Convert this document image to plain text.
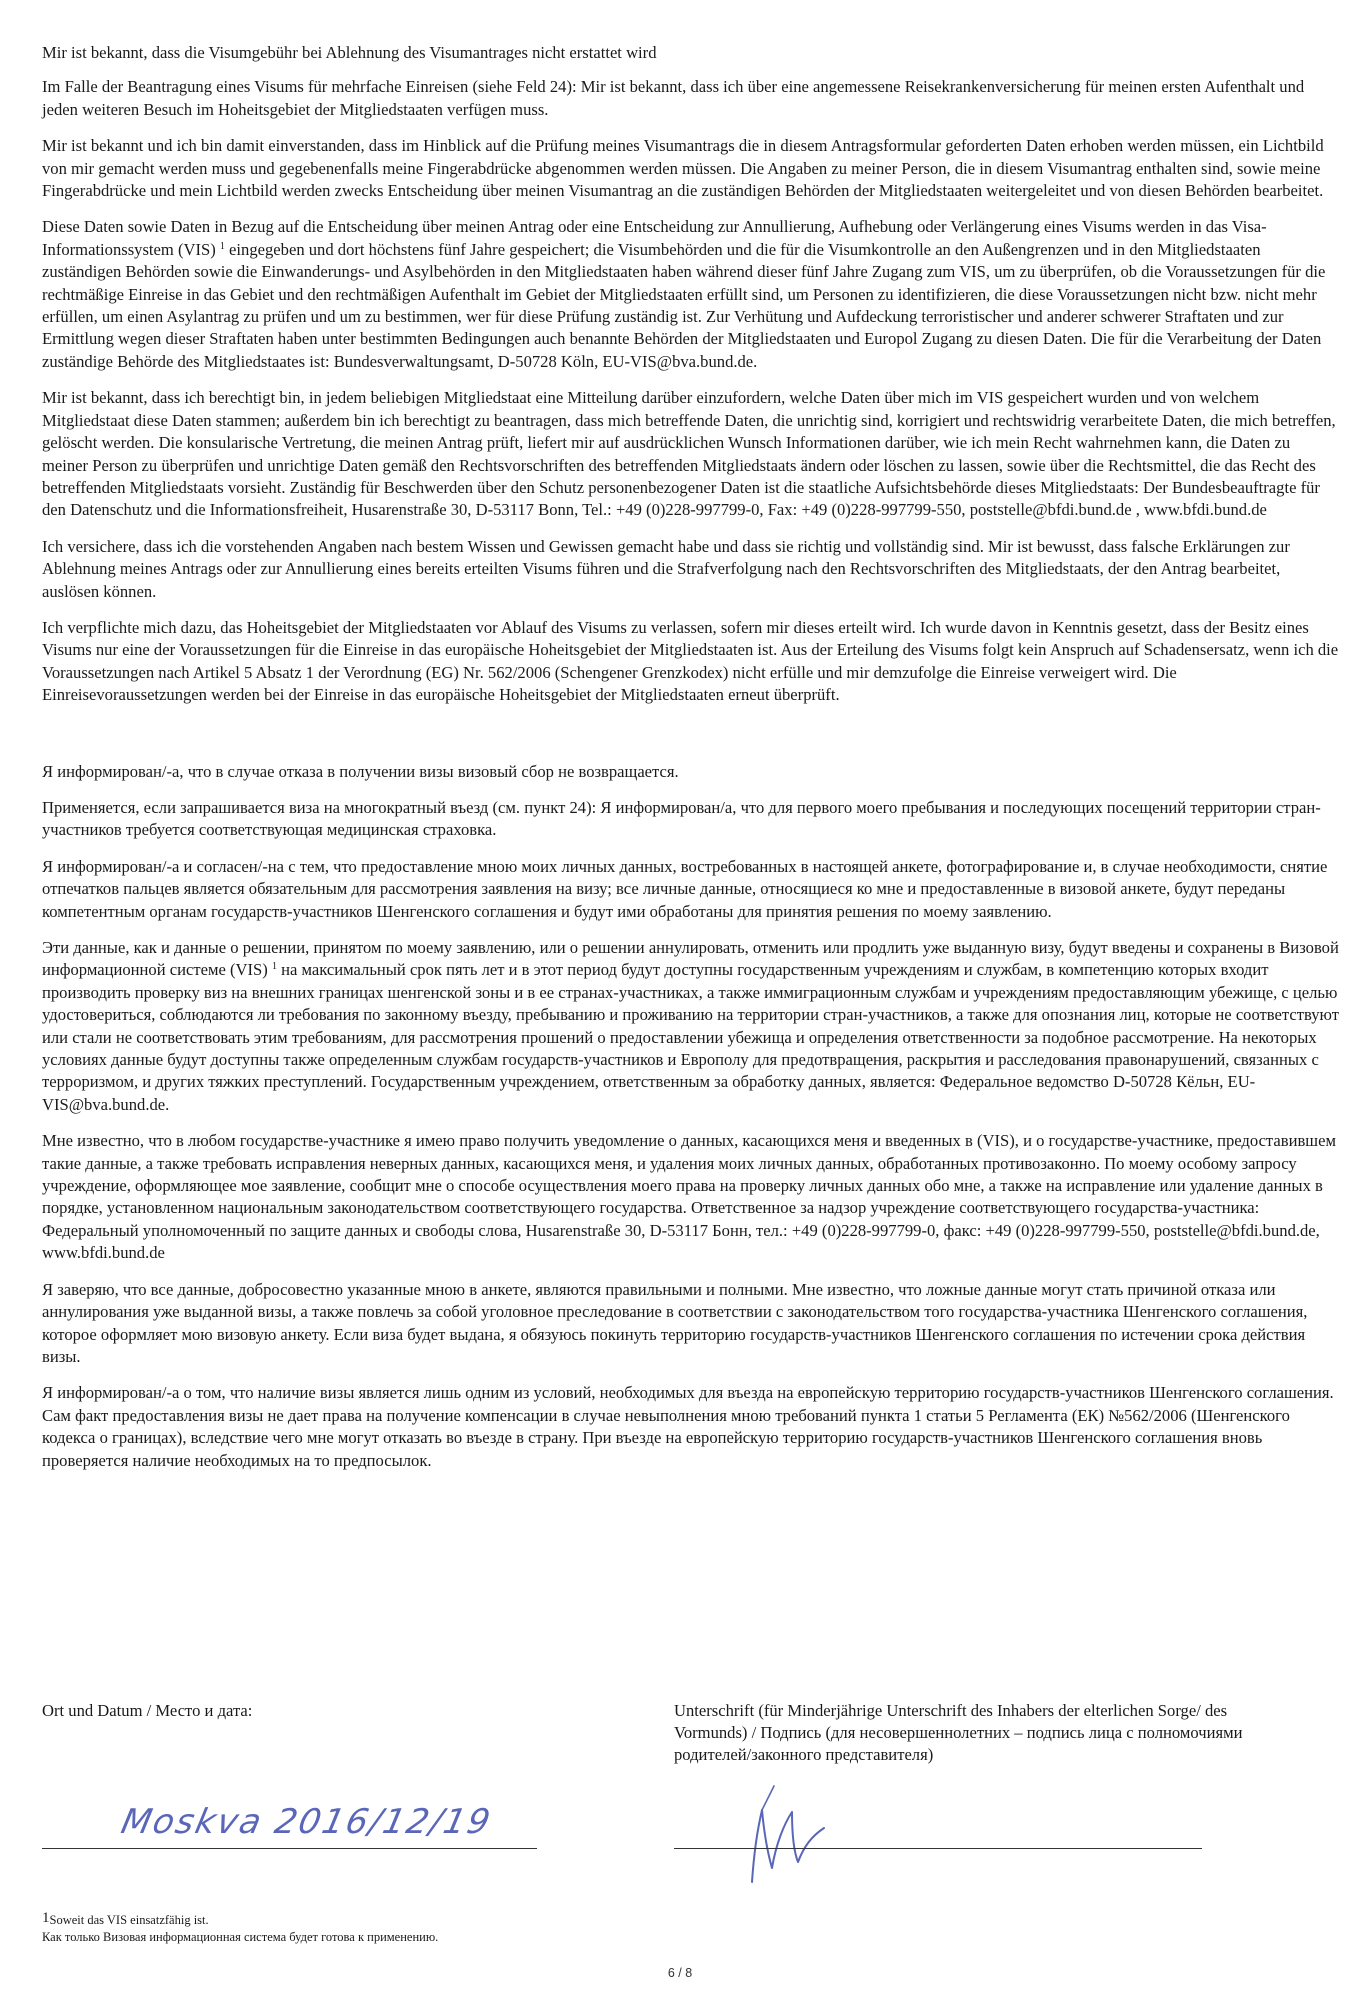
Mir ist bekannt, dass die Visumgebühr bei Ablehnung des Visumantrages nicht erstattet wird

Im Falle der Beantragung eines Visums für mehrfache Einreisen (siehe Feld 24): Mir ist bekannt, dass ich über eine angemessene Reisekrankenversicherung für meinen ersten Aufenthalt und jeden weiteren Besuch im Hoheitsgebiet der Mitgliedstaaten verfügen muss.

Mir ist bekannt und ich bin damit einverstanden, dass im Hinblick auf die Prüfung meines Visumantrags die in diesem Antragsformular geforderten Daten erhoben werden müssen, ein Lichtbild von mir gemacht werden muss und gegebenenfalls meine Fingerabdrücke abgenommen werden müssen. Die Angaben zu meiner Person, die in diesem Visumantrag enthalten sind, sowie meine Fingerabdrücke und mein Lichtbild werden zwecks Entscheidung über meinen Visumantrag an die zuständigen Behörden der Mitgliedstaaten weitergeleitet und von diesen Behörden bearbeitet.

Diese Daten sowie Daten in Bezug auf die Entscheidung über meinen Antrag oder eine Entscheidung zur Annullierung, Aufhebung oder Verlängerung eines Visums werden in das Visa-Informationssystem (VIS) $^1$ eingegeben und dort höchstens fünf Jahre gespeichert; die Visumbehörden und die für die Visumkontrolle an den Außengrenzen und in den Mitgliedstaaten zuständigen Behörden sowie die Einwanderungs- und Asylbehörden in den Mitgliedstaaten haben während dieser fünf Jahre Zugang zum VIS, um zu überprüfen, ob die Voraussetzungen für die rechtmäßige Einreise in das Gebiet und den rechtmäßigen Aufenthalt im Gebiet der Mitgliedstaaten erfüllt sind, um Personen zu identifizieren, die diese Voraussetzungen nicht bzw. nicht mehr erfüllen, um einen Asylantrag zu prüfen und um zu bestimmen, wer für diese Prüfung zuständig ist. Zur Verhütung und Aufdeckung terroristischer und anderer schwerer Straftaten und zur Ermittlung wegen dieser Straftaten haben unter bestimmten Bedingungen auch benannte Behörden der Mitgliedstaaten und Europol Zugang zu diesen Daten. Die für die Verarbeitung der Daten zuständige Behörde des Mitgliedstaates ist: Bundesverwaltungsamt, D-50728 Köln, EU-VIS@bva.bund.de.

Mir ist bekannt, dass ich berechtigt bin, in jedem beliebigen Mitgliedstaat eine Mitteilung darüber einzufordern, welche Daten über mich im VIS gespeichert wurden und von welchem Mitgliedstaat diese Daten stammen; außerdem bin ich berechtigt zu beantragen, dass mich betreffende Daten, die unrichtig sind, korrigiert und rechtswidrig verarbeitete Daten, die mich betreffen, gelöscht werden. Die konsularische Vertretung, die meinen Antrag prüft, liefert mir auf ausdrücklichen Wunsch Informationen darüber, wie ich mein Recht wahrnehmen kann, die Daten zu meiner Person zu überprüfen und unrichtige Daten gemäß den Rechtsvorschriften des betreffenden Mitgliedstaats ändern oder löschen zu lassen, sowie über die Rechtsmittel, die das Recht des betreffenden Mitgliedstaats vorsieht. Zuständig für Beschwerden über den Schutz personenbezogener Daten ist die staatliche Aufsichtsbehörde dieses Mitgliedstaats: Der Bundesbeauftragte für den Datenschutz und die Informationsfreiheit, Husarenstraße 30, D-53117 Bonn, Tel.: +49 (0)228-997799-0, Fax: +49 (0)228-997799-550, poststelle@bfdi.bund.de , www.bfdi.bund.de

Ich versichere, dass ich die vorstehenden Angaben nach bestem Wissen und Gewissen gemacht habe und dass sie richtig und vollständig sind. Mir ist bewusst, dass falsche Erklärungen zur Ablehnung meines Antrags oder zur Annullierung eines bereits erteilten Visums führen und die Strafverfolgung nach den Rechtsvorschriften des Mitgliedstaats, der den Antrag bearbeitet, auslösen können.

Ich verpflichte mich dazu, das Hoheitsgebiet der Mitgliedstaaten vor Ablauf des Visums zu verlassen, sofern mir dieses erteilt wird. Ich wurde davon in Kenntnis gesetzt, dass der Besitz eines Visums nur eine der Voraussetzungen für die Einreise in das europäische Hoheitsgebiet der Mitgliedstaaten ist. Aus der Erteilung des Visums folgt kein Anspruch auf Schadensersatz, wenn ich die Voraussetzungen nach Artikel 5 Absatz 1 der Verordnung (EG) Nr. 562/2006 (Schengener Grenzkodex) nicht erfülle und mir demzufolge die Einreise verweigert wird. Die Einreisevoraussetzungen werden bei der Einreise in das europäische Hoheitsgebiet der Mitgliedstaaten erneut überprüft.

Я информирован/-а, что в случае отказа в получении визы визовый сбор не возвращается.

Применяется, если запрашивается виза на многократный въезд (см. пункт 24): Я информирован/а, что для первого моего пребывания и последующих посещений территории стран-участников требуется соответствующая медицинская страховка.

Я информирован/-а и согласен/-на с тем, что предоставление мною моих личных данных, востребованных в настоящей анкете, фотографирование и, в случае необходимости, снятие отпечатков пальцев является обязательным для рассмотрения заявления на визу; все личные данные, относящиеся ко мне и предоставленные в визовой анкете, будут переданы компетентным органам государств-участников Шенгенского соглашения и будут ими обработаны для принятия решения по моему заявлению.

Эти данные, как и данные о решении, принятом по моему заявлению, или о решении аннулировать, отменить или продлить уже выданную визу, будут введены и сохранены в Визовой информационной системе (VIS) $^1$ на максимальный срок пять лет и в этот период будут доступны государственным учреждениям и службам, в компетенцию которых входит производить проверку виз на внешних границах шенгенской зоны и в ее странах-участниках, а также иммиграционным службам и учреждениям предоставляющим убежище, с целью удостовериться, соблюдаются ли требования по законному въезду, пребыванию и проживанию на территории стран-участников, а также для опознания лиц, которые не соответствуют или стали не соответствовать этим требованиям, для рассмотрения прошений о предоставлении убежища и определения ответственности за подобное рассмотрение. На некоторых условиях данные будут доступны также определенным службам государств-участников и Европолу для предотвращения, раскрытия и расследования правонарушений, связанных с терроризмом, и других тяжких преступлений. Государственным учреждением, ответственным за обработку данных, является: Федеральное ведомство D-50728 Кёльн, EU-VIS@bva.bund.de.

Мне известно, что в любом государстве-участнике я имею право получить уведомление о данных, касающихся меня и введенных в (VIS), и о государстве-участнике, предоставившем такие данные, а также требовать исправления неверных данных, касающихся меня, и удаления моих личных данных, обработанных противозаконно. По моему особому запросу учреждение, оформляющее мое заявление, сообщит мне о способе осуществления моего права на проверку личных данных обо мне, а также на исправление или удаление данных в порядке, установленном национальным законодательством соответствующего государства. Ответственное за надзор учреждение соответствующего государства-участника: Федеральный уполномоченный по защите данных и свободы слова, Husarenstraße 30, D-53117 Бонн, тел.: +49 (0)228-997799-0, факс: +49 (0)228-997799-550, poststelle@bfdi.bund.de, www.bfdi.bund.de

Я заверяю, что все данные, добросовестно указанные мною в анкете, являются правильными и полными. Мне известно, что ложные данные могут стать причиной отказа или аннулирования уже выданной визы, а также повлечь за собой уголовное преследование в соответствии с законодательством того государства-участника Шенгенского соглашения, которое оформляет мою визовую анкету. Если виза будет выдана, я обязуюсь покинуть территорию государств-участников Шенгенского соглашения по истечении срока действия визы.

Я информирован/-а о том, что наличие визы является лишь одним из условий, необходимых для въезда на европейскую территорию государств-участников Шенгенского соглашения. Сам факт предоставления визы не дает права на получение компенсации в случае невыполнения мною требований пункта 1 статьи 5 Регламента (ЕК) №562/2006 (Шенгенского кодекса о границах), вследствие чего мне могут отказать во въезде в страну. При въезде на европейскую территорию государств-участников Шенгенского соглашения вновь проверяется наличие необходимых на то предпосылок.

Ort und Datum / Место и дата:
Moskva 2016/12/19
Unterschrift (für Minderjährige Unterschrift des Inhabers der elterlichen Sorge/ des Vormunds) / Подпись (для несовершеннолетних – подпись лица с полномочиями родителей/законного представителя)
1Soweit das VIS einsatzfähig ist.
Как только Визовая информационная система будет готова к применению.
6 / 8
